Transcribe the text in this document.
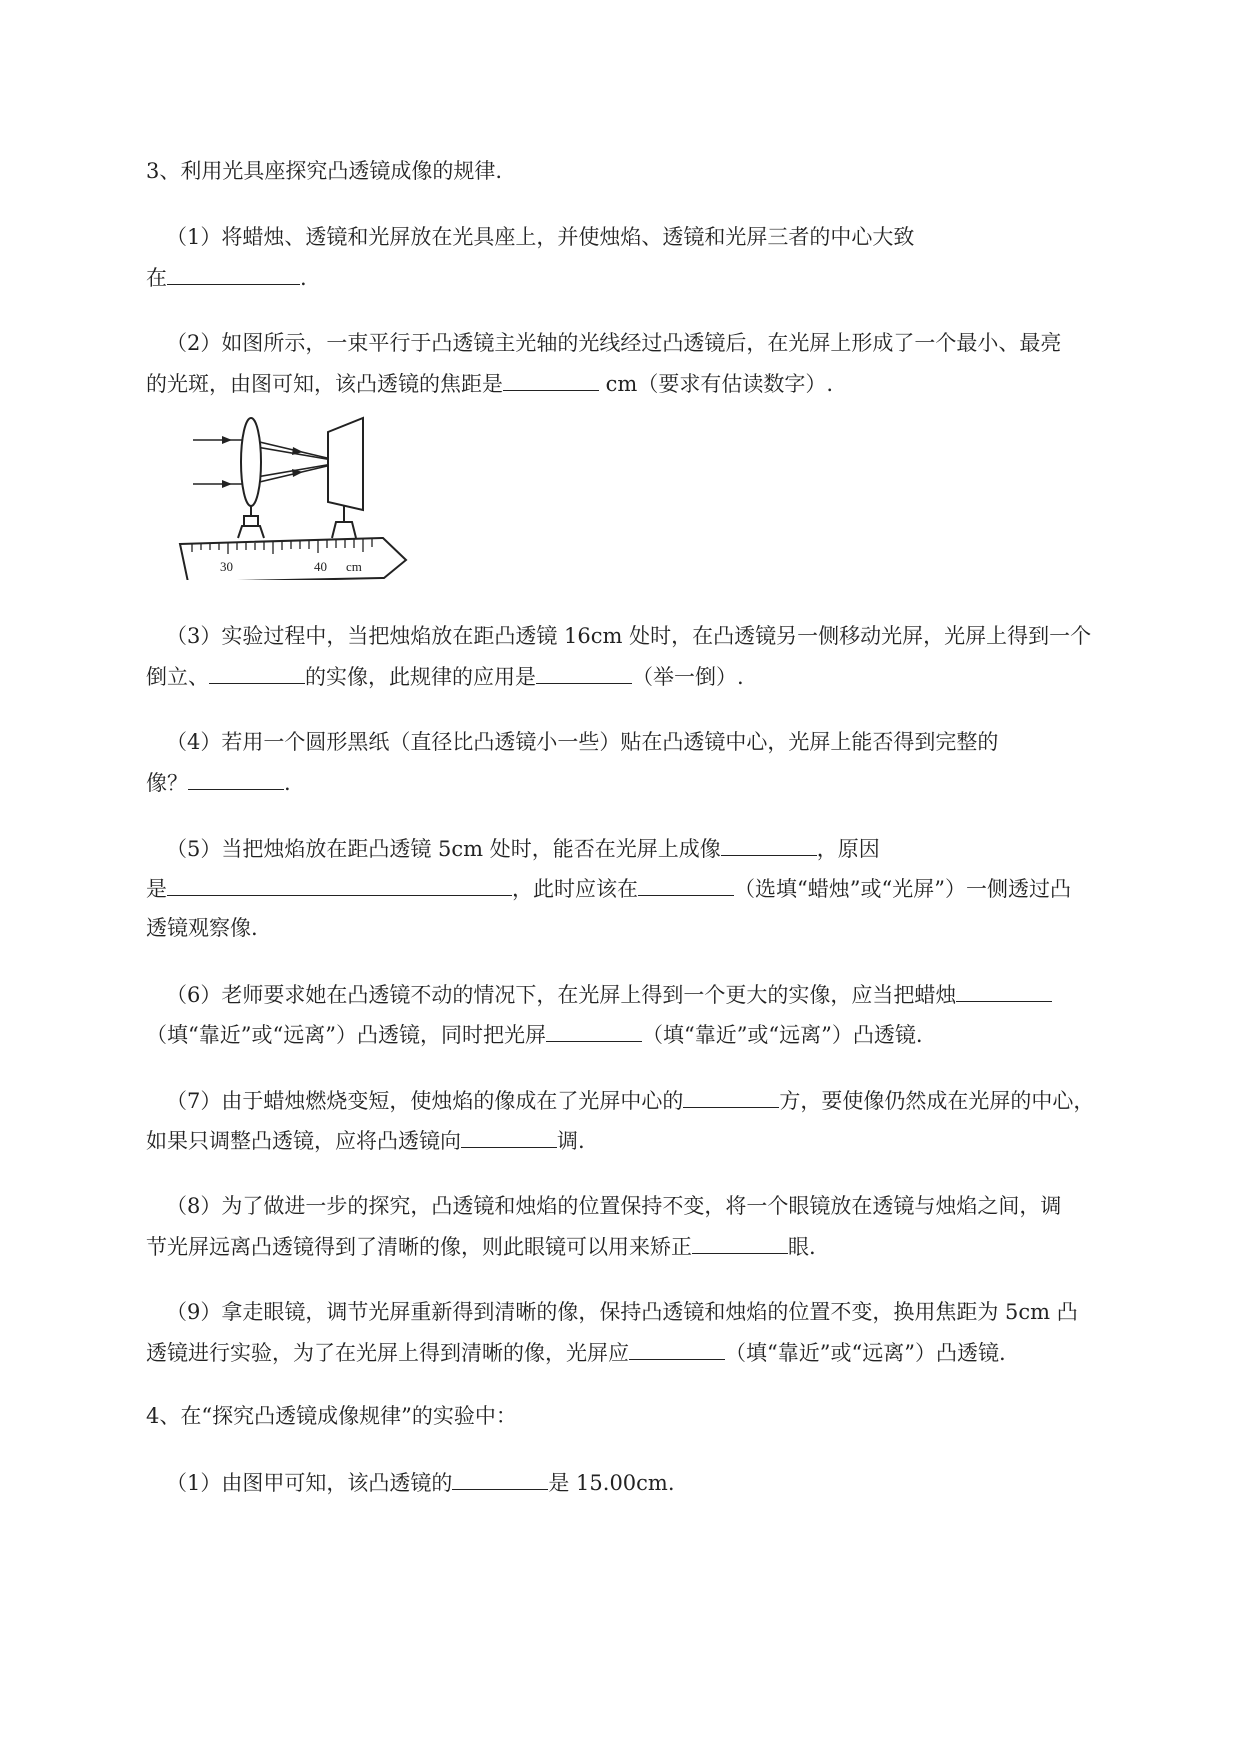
3、利用光具座探究凸透镜成像的规律.

（1）将蜡烛、透镜和光屏放在光具座上，并使烛焰、透镜和光屏三者的中心大致

在	.

（2）如图所示，一束平行于凸透镜主光轴的光线经过凸透镜后，在光屏上形成了一个最小、最亮

的光斑，由图可知，该凸透镜的焦距是	cm（要求有估读数字）.

30	40 cm

（3）实验过程中，当把烛焰放在距凸透镜 16cm 处时，在凸透镜另一侧移动光屏，光屏上得到一个

倒立、	的实像，此规律的应用是	（举一倒）.

（4）若用一个圆形黑纸（直径比凸透镜小一些）贴在凸透镜中心，光屏上能否得到完整的

像？	.

（5）当把烛焰放在距凸透镜 5cm 处时，能否在光屏上成像	，原因

是	，此时应该在	（选填“蜡烛”或“光屏”）一侧透过凸

透镜观察像.

（6）老师要求她在凸透镜不动的情况下，在光屏上得到一个更大的实像，应当把蜡烛

（填“靠近”或“远离”）凸透镜，同时把光屏	（填“靠近”或“远离”）凸透镜.

（7）由于蜡烛燃烧变短，使烛焰的像成在了光屏中心的	方，要使像仍然成在光屏的中心，

如果只调整凸透镜，应将凸透镜向	调.

（8）为了做进一步的探究，凸透镜和烛焰的位置保持不变，将一个眼镜放在透镜与烛焰之间，调

节光屏远离凸透镜得到了清晰的像，则此眼镜可以用来矫正	眼.

（9）拿走眼镜，调节光屏重新得到清晰的像，保持凸透镜和烛焰的位置不变，换用焦距为 5cm 凸

透镜进行实验，为了在光屏上得到清晰的像，光屏应	（填“靠近”或“远离”）凸透镜.

4、在“探究凸透镜成像规律”的实验中：

（1）由图甲可知，该凸透镜的	是 15.00cm.
